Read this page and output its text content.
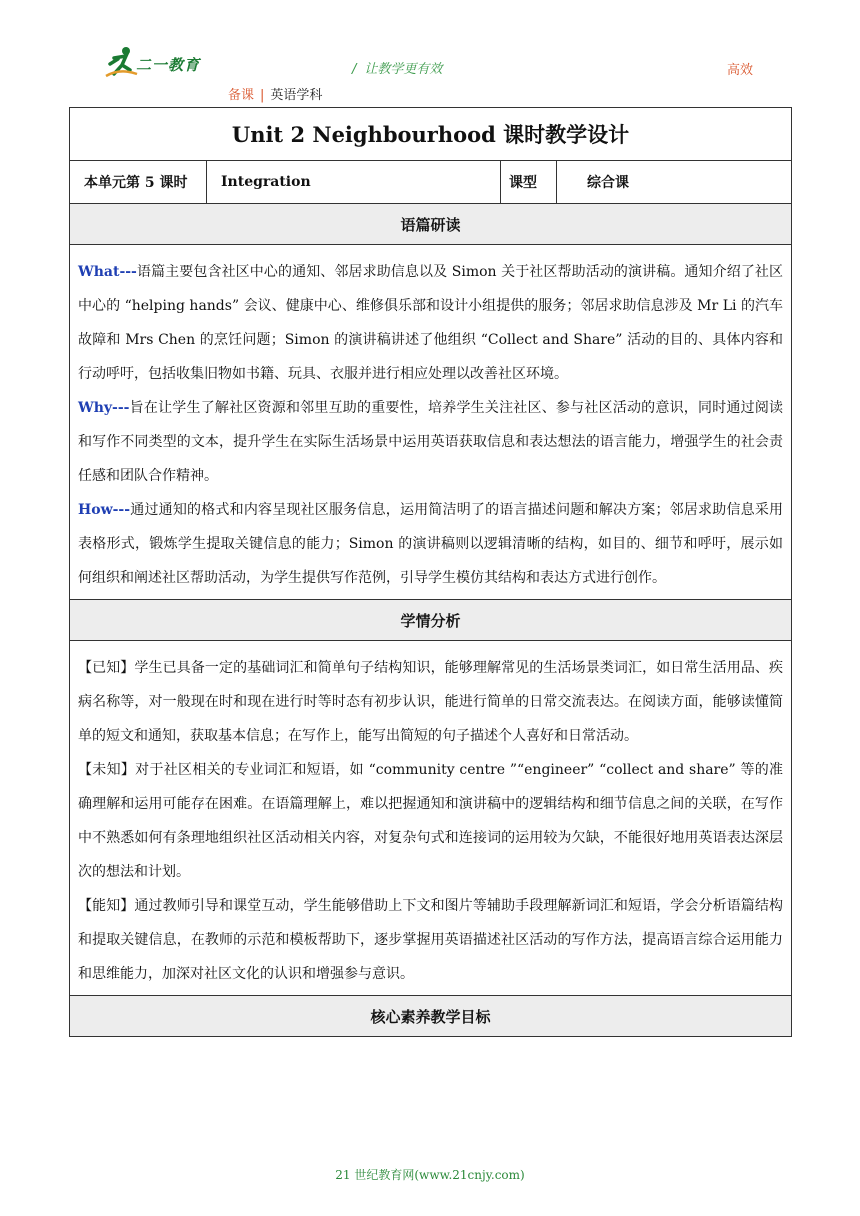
二一教育	/ 让教学更有效	高效
备课 | 英语学科
Unit 2 Neighbourhood 课时教学设计
本单元第 5 课时	Integration	课型	综合课
语篇研读

What---语篇主要包含社区中心的通知、邻居求助信息以及 Simon 关于社区帮助活动的演讲稿。通知介绍了社区中心的 “helping hands” 会议、健康中心、维修俱乐部和设计小组提供的服务；邻居求助信息涉及 Mr Li 的汽车故障和 Mrs Chen 的烹饪问题；Simon 的演讲稿讲述了他组织 “Collect and Share” 活动的目的、具体内容和行动呼吁，包括收集旧物如书籍、玩具、衣服并进行相应处理以改善社区环境。

Why---旨在让学生了解社区资源和邻里互助的重要性，培养学生关注社区、参与社区活动的意识，同时通过阅读和写作不同类型的文本，提升学生在实际生活场景中运用英语获取信息和表达想法的语言能力，增强学生的社会责任感和团队合作精神。

How---通过通知的格式和内容呈现社区服务信息，运用简洁明了的语言描述问题和解决方案；邻居求助信息采用表格形式，锻炼学生提取关键信息的能力；Simon 的演讲稿则以逻辑清晰的结构，如目的、细节和呼吁，展示如何组织和阐述社区帮助活动，为学生提供写作范例，引导学生模仿其结构和表达方式进行创作。

学情分析

【已知】学生已具备一定的基础词汇和简单句子结构知识，能够理解常见的生活场景类词汇，如日常生活用品、疾病名称等，对一般现在时和现在进行时等时态有初步认识，能进行简单的日常交流表达。在阅读方面，能够读懂简单的短文和通知，获取基本信息；在写作上，能写出简短的句子描述个人喜好和日常活动。

【未知】对于社区相关的专业词汇和短语，如 “community centre ”“engineer” “collect and share” 等的准确理解和运用可能存在困难。在语篇理解上，难以把握通知和演讲稿中的逻辑结构和细节信息之间的关联，在写作中不熟悉如何有条理地组织社区活动相关内容，对复杂句式和连接词的运用较为欠缺，不能很好地用英语表达深层次的想法和计划。

【能知】通过教师引导和课堂互动，学生能够借助上下文和图片等辅助手段理解新词汇和短语，学会分析语篇结构和提取关键信息，在教师的示范和模板帮助下，逐步掌握用英语描述社区活动的写作方法，提高语言综合运用能力和思维能力，加深对社区文化的认识和增强参与意识。

核心素养教学目标
21 世纪教育网(www.21cnjy.com)
